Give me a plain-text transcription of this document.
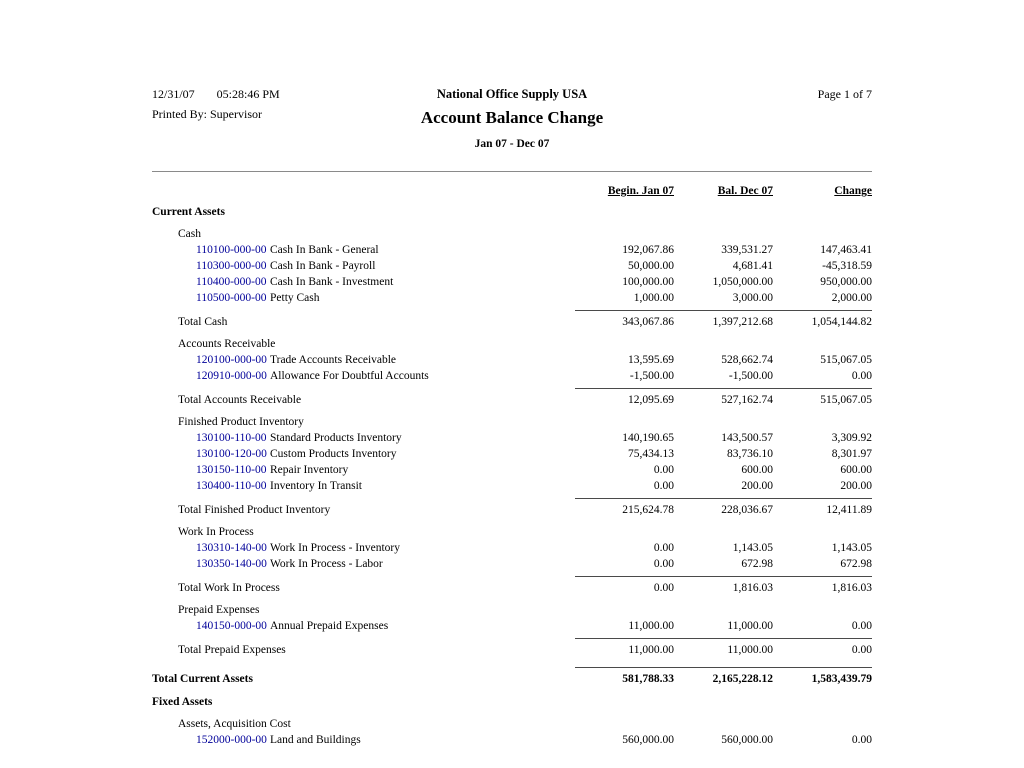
12/31/07 05:28:46 PM
Printed By: Supervisor
National Office Supply USA
Account Balance Change
Jan 07 - Dec 07
Page 1 of 7
Begin. Jan 07	Bal. Dec 07	Change
Current Assets
Cash
110100-000-00 Cash In Bank - General	192,067.86	339,531.27	147,463.41
110300-000-00 Cash In Bank - Payroll	50,000.00	4,681.41	-45,318.59
110400-000-00 Cash In Bank - Investment	100,000.00	1,050,000.00	950,000.00
110500-000-00 Petty Cash	1,000.00	3,000.00	2,000.00
Total Cash	343,067.86	1,397,212.68	1,054,144.82
Accounts Receivable
120100-000-00 Trade Accounts Receivable	13,595.69	528,662.74	515,067.05
120910-000-00 Allowance For Doubtful Accounts	-1,500.00	-1,500.00	0.00
Total Accounts Receivable	12,095.69	527,162.74	515,067.05
Finished Product Inventory
130100-110-00 Standard Products Inventory	140,190.65	143,500.57	3,309.92
130100-120-00 Custom Products Inventory	75,434.13	83,736.10	8,301.97
130150-110-00 Repair Inventory	0.00	600.00	600.00
130400-110-00 Inventory In Transit	0.00	200.00	200.00
Total Finished Product Inventory	215,624.78	228,036.67	12,411.89
Work In Process
130310-140-00 Work In Process - Inventory	0.00	1,143.05	1,143.05
130350-140-00 Work In Process - Labor	0.00	672.98	672.98
Total Work In Process	0.00	1,816.03	1,816.03
Prepaid Expenses
140150-000-00 Annual Prepaid Expenses	11,000.00	11,000.00	0.00
Total Prepaid Expenses	11,000.00	11,000.00	0.00
Total Current Assets	581,788.33	2,165,228.12	1,583,439.79
Fixed Assets
Assets, Acquisition Cost
152000-000-00 Land and Buildings	560,000.00	560,000.00	0.00
